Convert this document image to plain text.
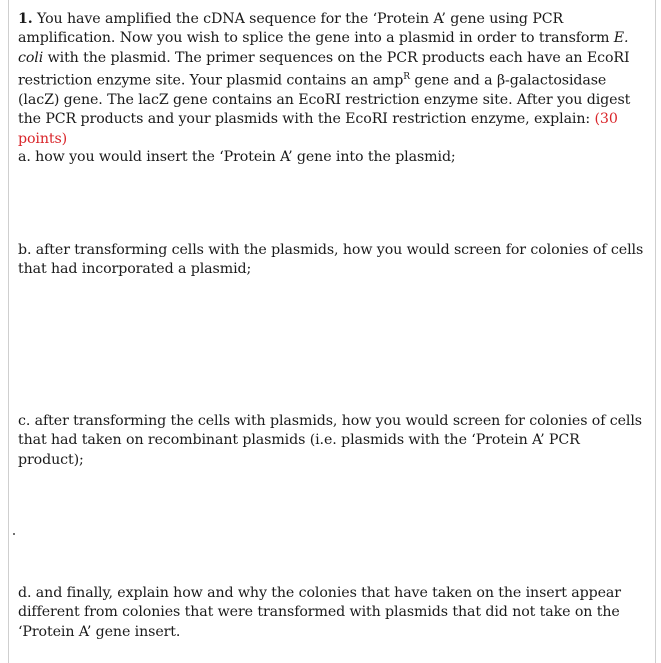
1. You have amplified the cDNA sequence for the ‘Protein A’ gene using PCR amplification. Now you wish to splice the gene into a plasmid in order to transform E. coli with the plasmid. The primer sequences on the PCR products each have an EcoRI restriction enzyme site. Your plasmid contains an amp$^R$ gene and a β-galactosidase (lacZ) gene. The lacZ gene contains an EcoRI restriction enzyme site. After you digest the PCR products and your plasmids with the EcoRI restriction enzyme, explain: (30 points)

a. how you would insert the ‘Protein A’ gene into the plasmid;

b. after transforming cells with the plasmids, how you would screen for colonies of cells that had incorporated a plasmid;

c. after transforming the cells with plasmids, how you would screen for colonies of cells that had taken on recombinant plasmids (i.e. plasmids with the ‘Protein A’ PCR product);

d. and finally, explain how and why the colonies that have taken on the insert appear different from colonies that were transformed with plasmids that did not take on the ‘Protein A’ gene insert.
